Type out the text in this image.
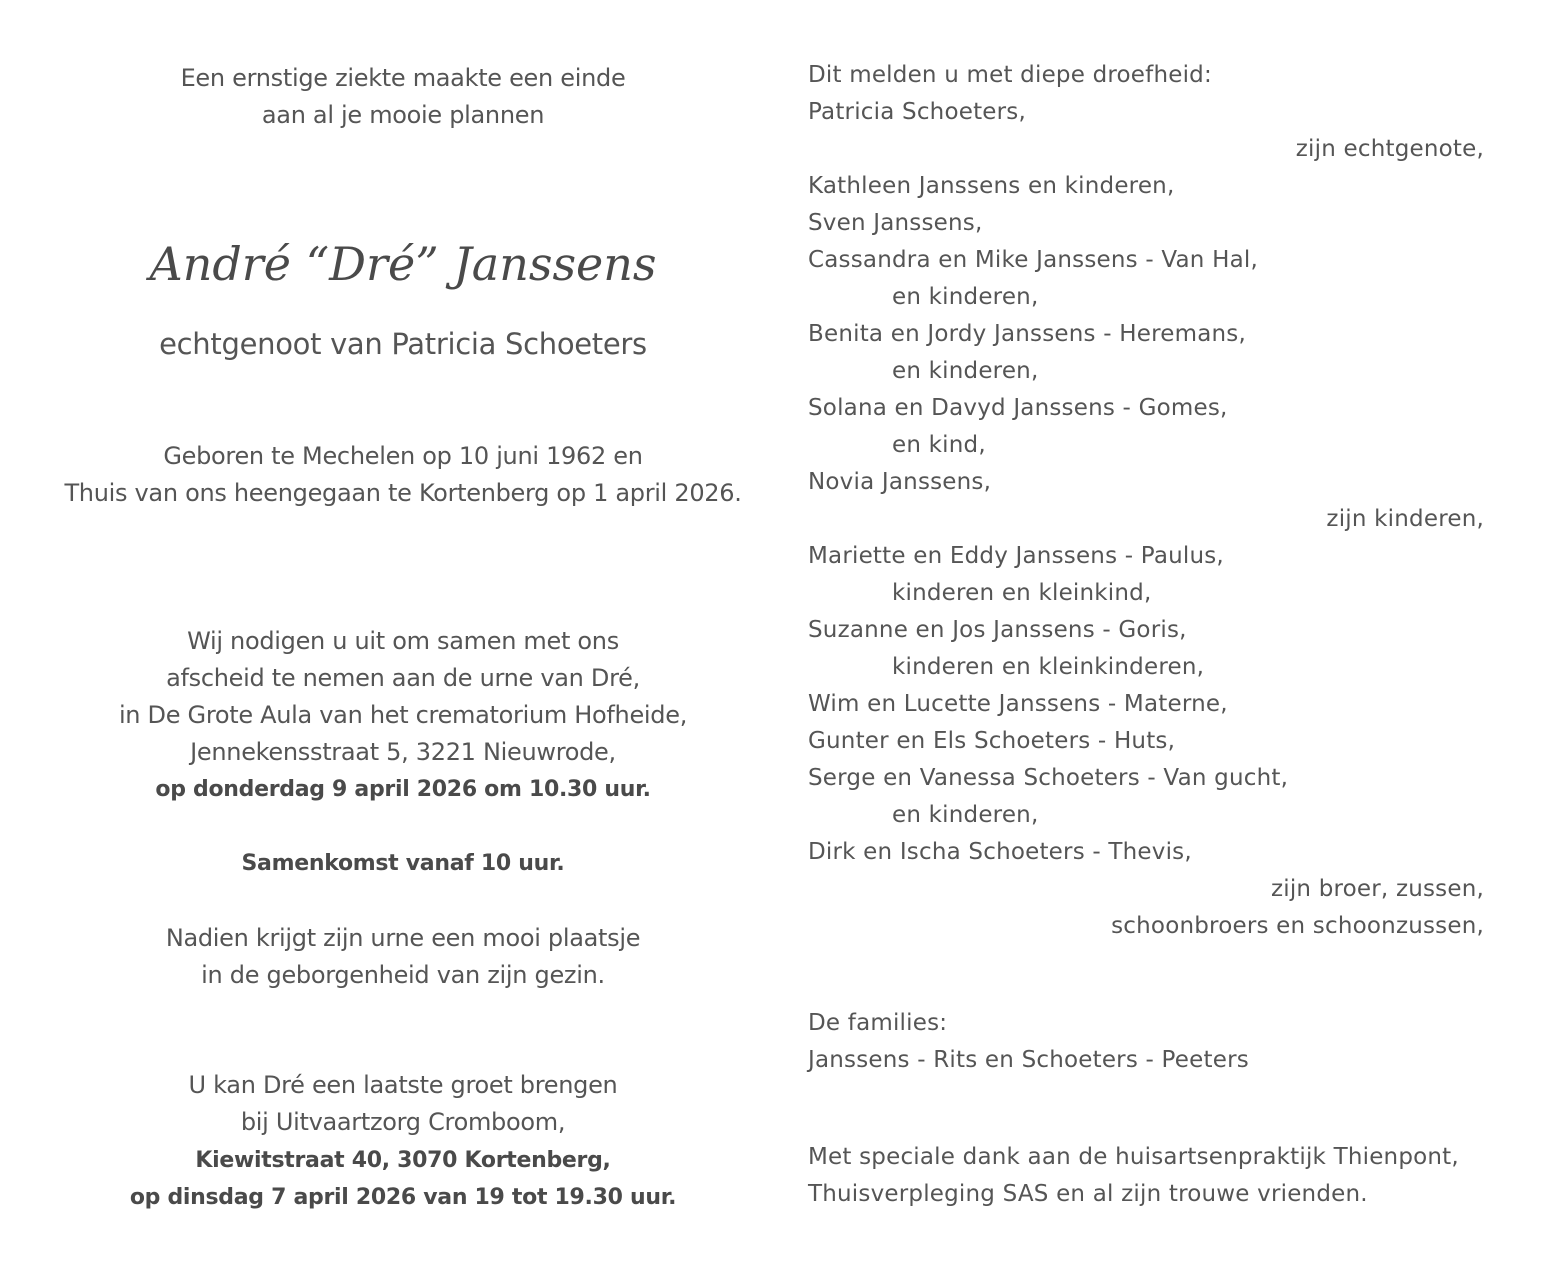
Een ernstige ziekte maakte een einde
aan al je mooie plannen
André “Dré” Janssens
echtgenoot van Patricia Schoeters
Geboren te Mechelen op 10 juni 1962 en
Thuis van ons heengegaan te Kortenberg op 1 april 2026.
Wij nodigen u uit om samen met ons
afscheid te nemen aan de urne van Dré,
in De Grote Aula van het crematorium Hofheide,
Jennekensstraat 5, 3221 Nieuwrode,
op donderdag 9 april 2026 om 10.30 uur.
Samenkomst vanaf 10 uur.
Nadien krijgt zijn urne een mooi plaatsje
in de geborgenheid van zijn gezin.
U kan Dré een laatste groet brengen
bij Uitvaartzorg Cromboom,
Kiewitstraat 40, 3070 Kortenberg,
op dinsdag 7 april 2026 van 19 tot 19.30 uur.
Dit melden u met diepe droefheid:
Patricia Schoeters,
zijn echtgenote,
Kathleen Janssens en kinderen,
Sven Janssens,
Cassandra en Mike Janssens - Van Hal,
en kinderen,
Benita en Jordy Janssens - Heremans,
en kinderen,
Solana en Davyd Janssens - Gomes,
en kind,
Novia Janssens,
zijn kinderen,
Mariette en Eddy Janssens - Paulus,
kinderen en kleinkind,
Suzanne en Jos Janssens - Goris,
kinderen en kleinkinderen,
Wim en Lucette Janssens - Materne,
Gunter en Els Schoeters - Huts,
Serge en Vanessa Schoeters - Van gucht,
en kinderen,
Dirk en Ischa Schoeters - Thevis,
zijn broer, zussen,
schoonbroers en schoonzussen,
De families:
Janssens - Rits en Schoeters - Peeters
Met speciale dank aan de huisartsenpraktijk Thienpont,
Thuisverpleging SAS en al zijn trouwe vrienden.
